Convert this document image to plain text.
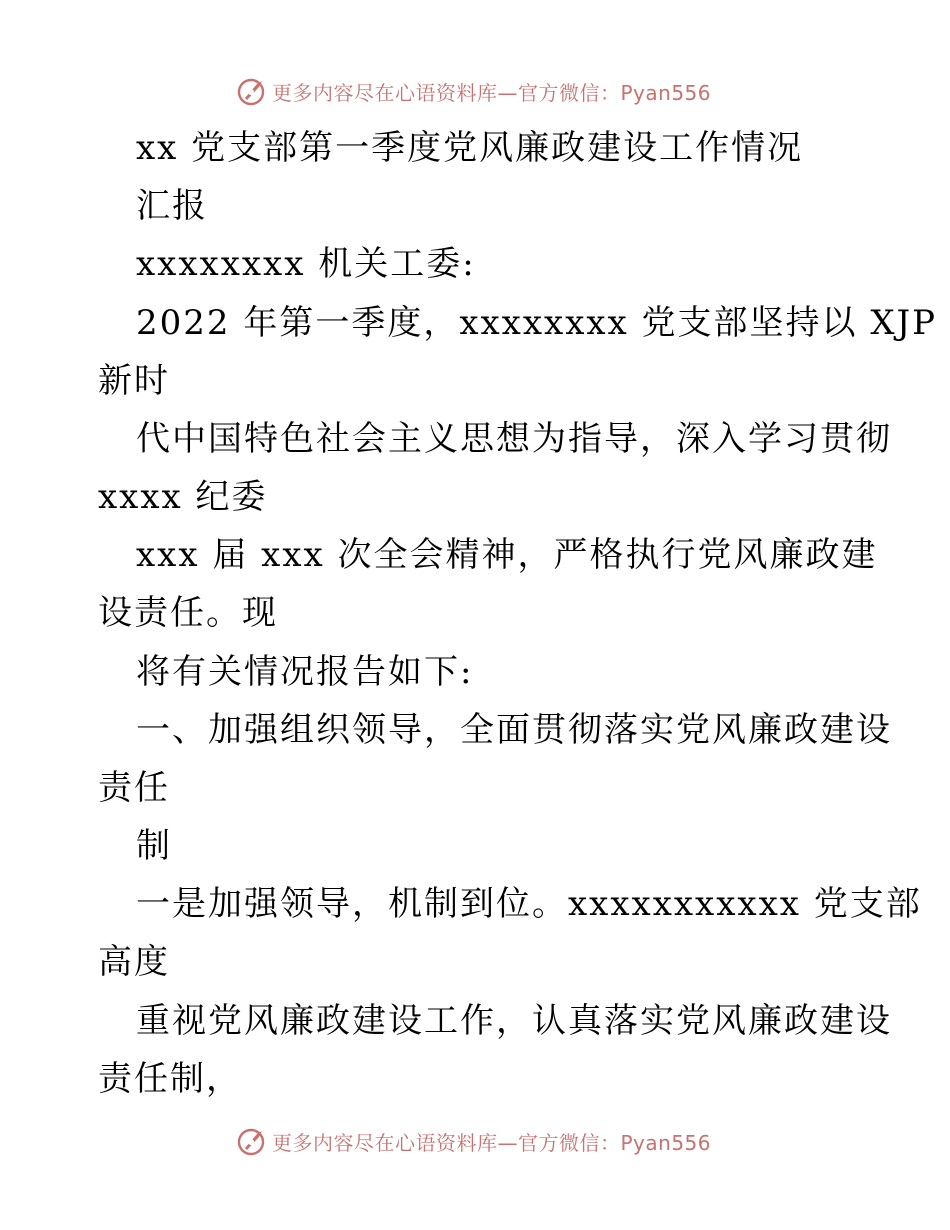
更多内容尽在心语资料库—官方微信：Pyan556
xx 党支部第一季度党风廉政建设工作情况
汇报
xxxxxxxx 机关工委:
2022 年第一季度，xxxxxxxx 党支部坚持以 XJP
新时
代中国特色社会主义思想为指导，深入学习贯彻
xxxx 纪委
xxx 届 xxx 次全会精神，严格执行党风廉政建
设责任。现
将有关情况报告如下:
一、加强组织领导，全面贯彻落实党风廉政建设
责任
制
一是加强领导，机制到位。xxxxxxxxxxx 党支部
高度
重视党风廉政建设工作，认真落实党风廉政建设
责任制，
更多内容尽在心语资料库—官方微信：Pyan556
